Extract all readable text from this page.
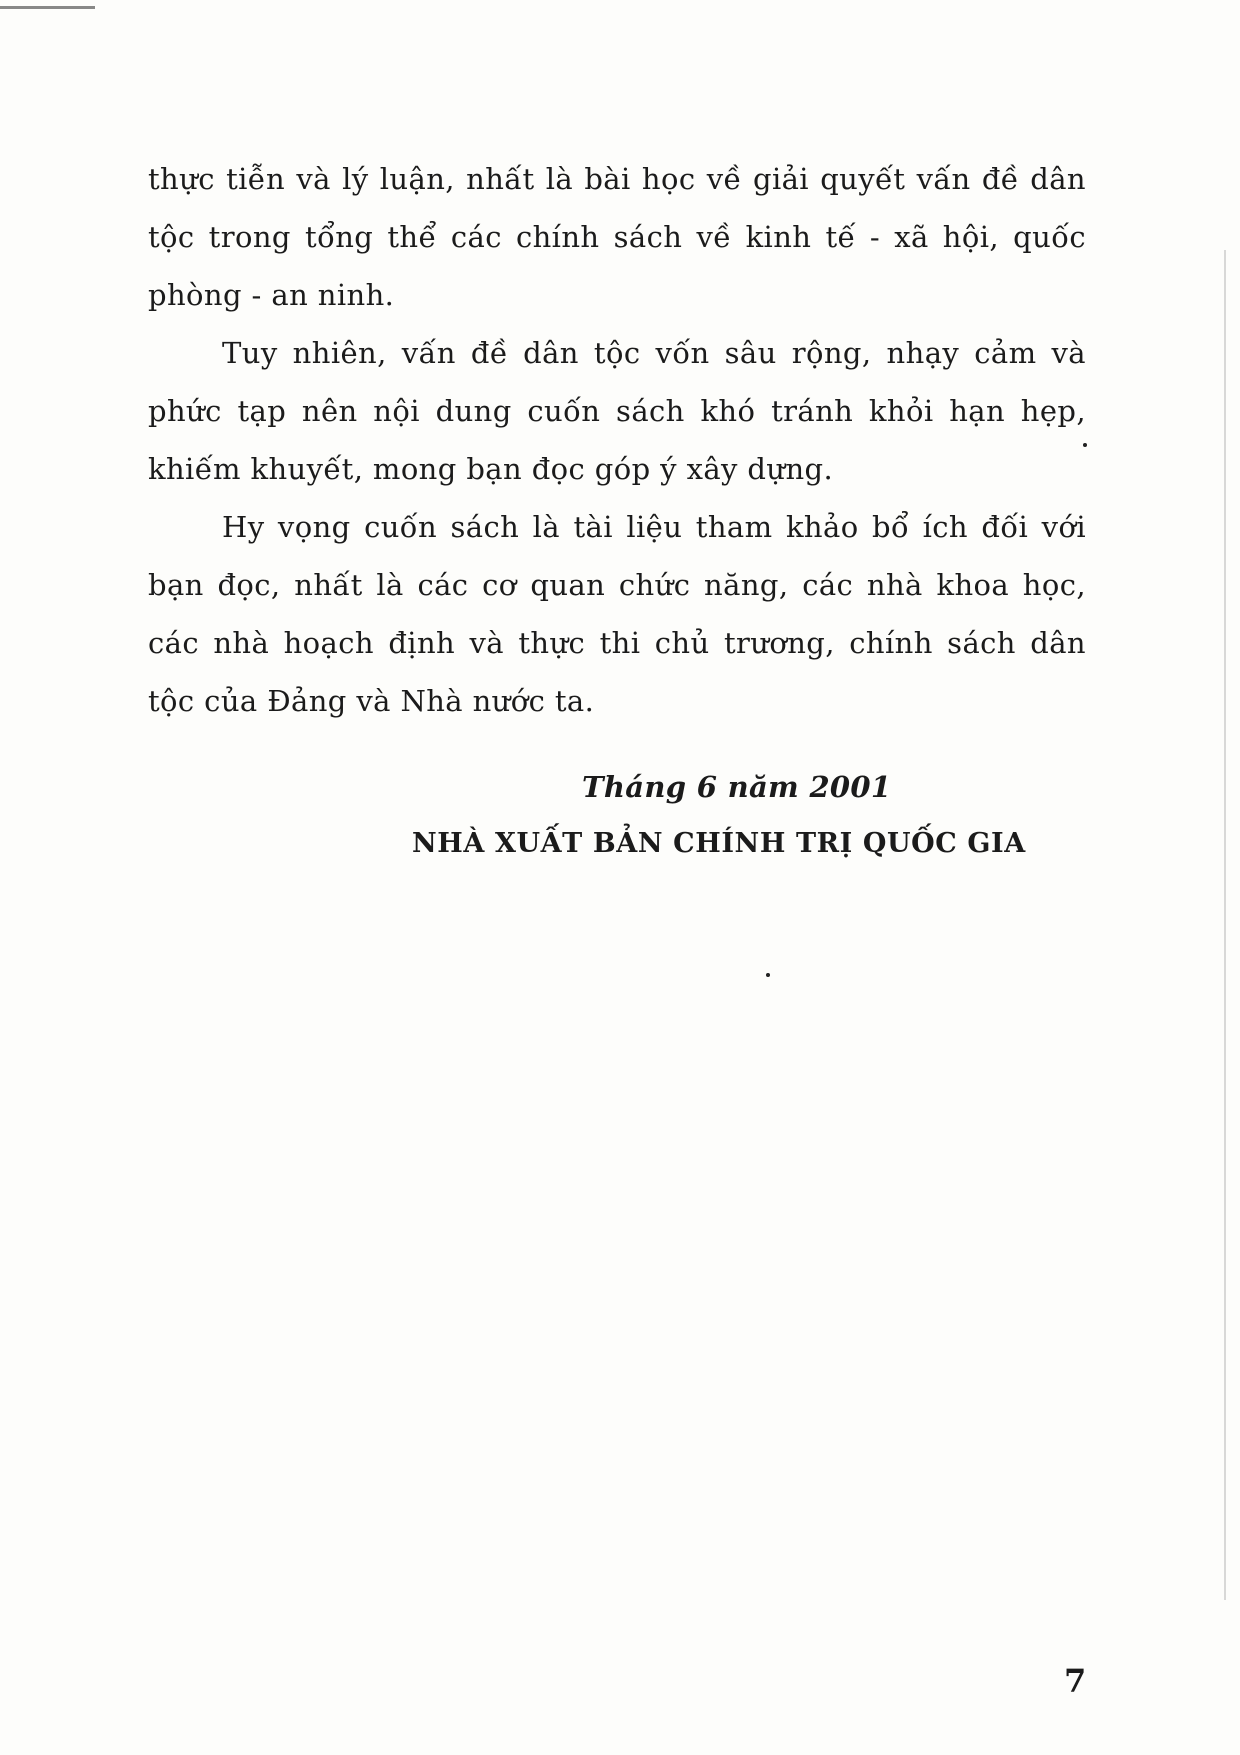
thực tiễn và lý luận, nhất là bài học về giải quyết vấn đề dân
tộc trong tổng thể các chính sách về kinh tế - xã hội, quốc
phòng - an ninh.
Tuy nhiên, vấn đề dân tộc vốn sâu rộng, nhạy cảm và
phức tạp nên nội dung cuốn sách khó tránh khỏi hạn hẹp,
khiếm khuyết, mong bạn đọc góp ý xây dựng.
Hy vọng cuốn sách là tài liệu tham khảo bổ ích đối với
bạn đọc, nhất là các cơ quan chức năng, các nhà khoa học,
các nhà hoạch định và thực thi chủ trương, chính sách dân
tộc của Đảng và Nhà nước ta.
Tháng 6 năm 2001
NHÀ XUẤT BẢN CHÍNH TRỊ QUỐC GIA
7
